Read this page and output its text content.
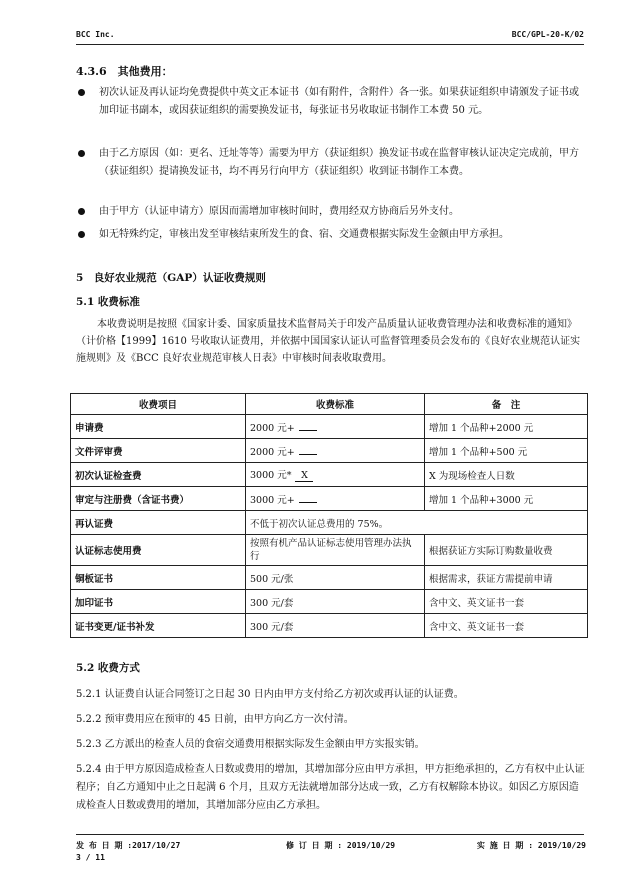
BCC Inc.	BCC/GPL-20-K/02
4.3.6　其他费用：
初次认证及再认证均免费提供中英文正本证书（如有附件，含附件）各一张。如果获证组织申请颁发子证书或加印证书副本，或因获证组织的需要换发证书，每张证书另收取证书制作工本费 50 元。
由于乙方原因（如：更名、迁址等等）需要为甲方（获证组织）换发证书或在监督审核认证决定完成前，甲方（获证组织）提请换发证书，均不再另行向甲方（获证组织）收到证书制作工本费。
由于甲方（认证申请方）原因而需增加审核时间时，费用经双方协商后另外支付。
如无特殊约定，审核出发至审核结束所发生的食、宿、交通费根据实际发生金额由甲方承担。
5　良好农业规范（GAP）认证收费规则
5.1 收费标准
本收费说明是按照《国家计委、国家质量技术监督局关于印发产品质量认证收费管理办法和收费标准的通知》（计价格【1999】1610 号收取认证费用，并依据中国国家认证认可监督管理委员会发布的《良好农业规范认证实施规则》及《BCC 良好农业规范审核人日表》中审核时间表收取费用。
收费项目	收费标准	备　注
申请费	2000 元+	增加 1 个品种+2000 元
文件评审费	2000 元+	增加 1 个品种+500 元
初次认证检查费	3000 元* X	X 为现场检查人日数
审定与注册费（含证书费）	3000 元+	增加 1 个品种+3000 元
再认证费	不低于初次认证总费用的 75%。	
认证标志使用费	按照有机产品认证标志使用管理办法执行	根据获证方实际订购数量收费
铜板证书	500 元/张	根据需求，获证方需提前申请
加印证书	300 元/套	含中文、英文证书一套
证书变更/证书补发	300 元/套	含中文、英文证书一套
5.2 收费方式
5.2.1 认证费自认证合同签订之日起 30 日内由甲方支付给乙方初次或再认证的认证费。
5.2.2 预审费用应在预审的 45 日前，由甲方向乙方一次付清。
5.2.3 乙方派出的检查人员的食宿交通费用根据实际发生金额由甲方实报实销。
5.2.4 由于甲方原因造成检查人日数或费用的增加，其增加部分应由甲方承担，甲方拒绝承担的，乙方有权中止认证程序；自乙方通知中止之日起满 6 个月，且双方无法就增加部分达成一致，乙方有权解除本协议。如因乙方原因造成检查人日数或费用的增加，其增加部分应由乙方承担。
发 布 日 期 :2017/10/27	修 订 日 期 : 2019/10/29	实 施 日 期 : 2019/10/29
3 / 11
